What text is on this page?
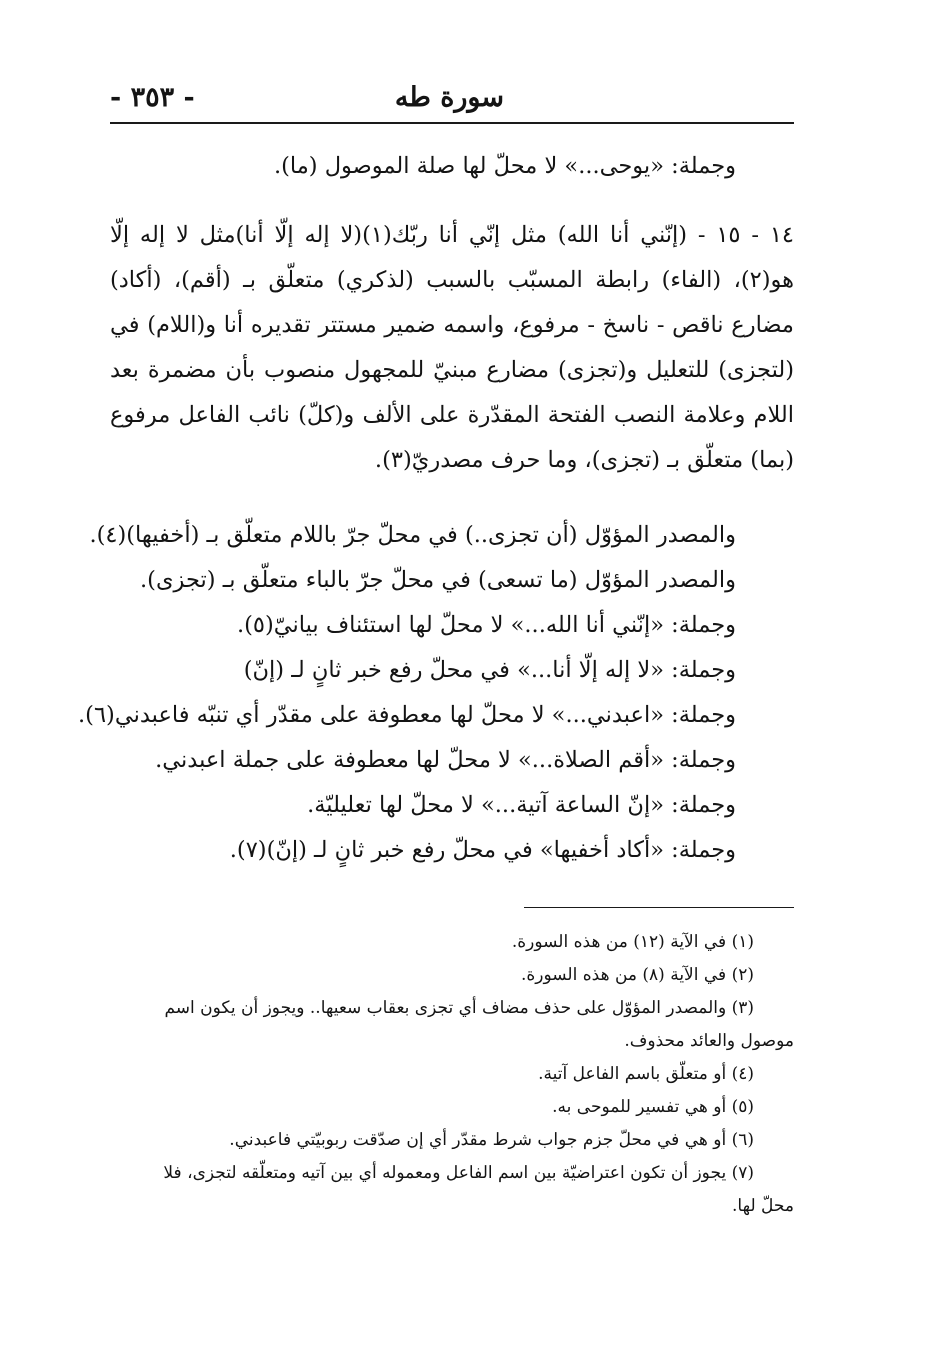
سورة طه
- ٣٥٣ -
وجملة: «يوحى...» لا محلّ لها صلة الموصول (ما).
١٤ - ١٥ - (إنّني أنا الله) مثل إنّي أنا ربّك(١)(لا إله إلّا أنا)مثل لا إله إلّا
هو(٢)، (الفاء) رابطة المسبّب بالسبب (لذكري) متعلّق بـ (أقم)، (أكاد)
مضارع ناقص - ناسخ - مرفوع، واسمه ضمير مستتر تقديره أنا و(اللام) في
(لتجزى) للتعليل و(تجزى) مضارع مبنيّ للمجهول منصوب بأن مضمرة بعد
اللام وعلامة النصب الفتحة المقدّرة على الألف و(كلّ) نائب الفاعل مرفوع
(بما) متعلّق بـ (تجزى)، وما حرف مصدريّ(٣).
والمصدر المؤوّل (أن تجزى..) في محلّ جرّ باللام متعلّق بـ (أخفيها)(٤).
والمصدر المؤوّل (ما تسعى) في محلّ جرّ بالباء متعلّق بـ (تجزى).
وجملة: «إنّني أنا الله...» لا محلّ لها استئناف بيانيّ(٥).
وجملة: «لا إله إلّا أنا...» في محلّ رفع خبر ثانٍ لـ (إنّ)
وجملة: «اعبدني...» لا محلّ لها معطوفة على مقدّر أي تنبّه فاعبدني(٦).
وجملة: «أقم الصلاة...» لا محلّ لها معطوفة على جملة اعبدني.
وجملة: «إنّ الساعة آتية...» لا محلّ لها تعليليّة.
وجملة: «أكاد أخفيها» في محلّ رفع خبر ثانٍ لـ (إنّ)(٧).
(١) في الآية (١٢) من هذه السورة.
(٢) في الآية (٨) من هذه السورة.
(٣) والمصدر المؤوّل على حذف مضاف أي تجزى بعقاب سعيها.. ويجوز أن يكون اسم
موصول والعائد محذوف.
(٤) أو متعلّق باسم الفاعل آتية.
(٥) أو هي تفسير للموحى به.
(٦) أو هي في محلّ جزم جواب شرط مقدّر أي إن صدّقت ربوبيّتي فاعبدني.
(٧) يجوز أن تكون اعتراضيّة بين اسم الفاعل ومعموله أي بين آتيه ومتعلّقه لتجزى، فلا
محلّ لها.
